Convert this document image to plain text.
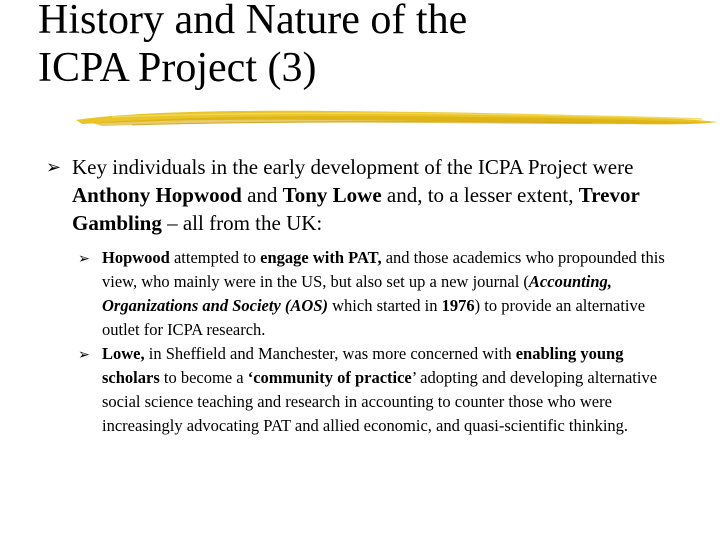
History and Nature of the
ICPA Project (3)
➢ Key individuals in the early development of the ICPA Project were Anthony Hopwood and Tony Lowe and, to a lesser extent, Trevor Gambling – all from the UK:
➢ Hopwood attempted to engage with PAT, and those academics who propounded this view, who mainly were in the US, but also set up a new journal (Accounting, Organizations and Society (AOS) which started in 1976) to provide an alternative outlet for ICPA research.
➢ Lowe, in Sheffield and Manchester, was more concerned with enabling young scholars to become a ‘community of practice’ adopting and developing alternative social science teaching and research in accounting to counter those who were increasingly advocating PAT and allied economic, and quasi-scientific thinking.
